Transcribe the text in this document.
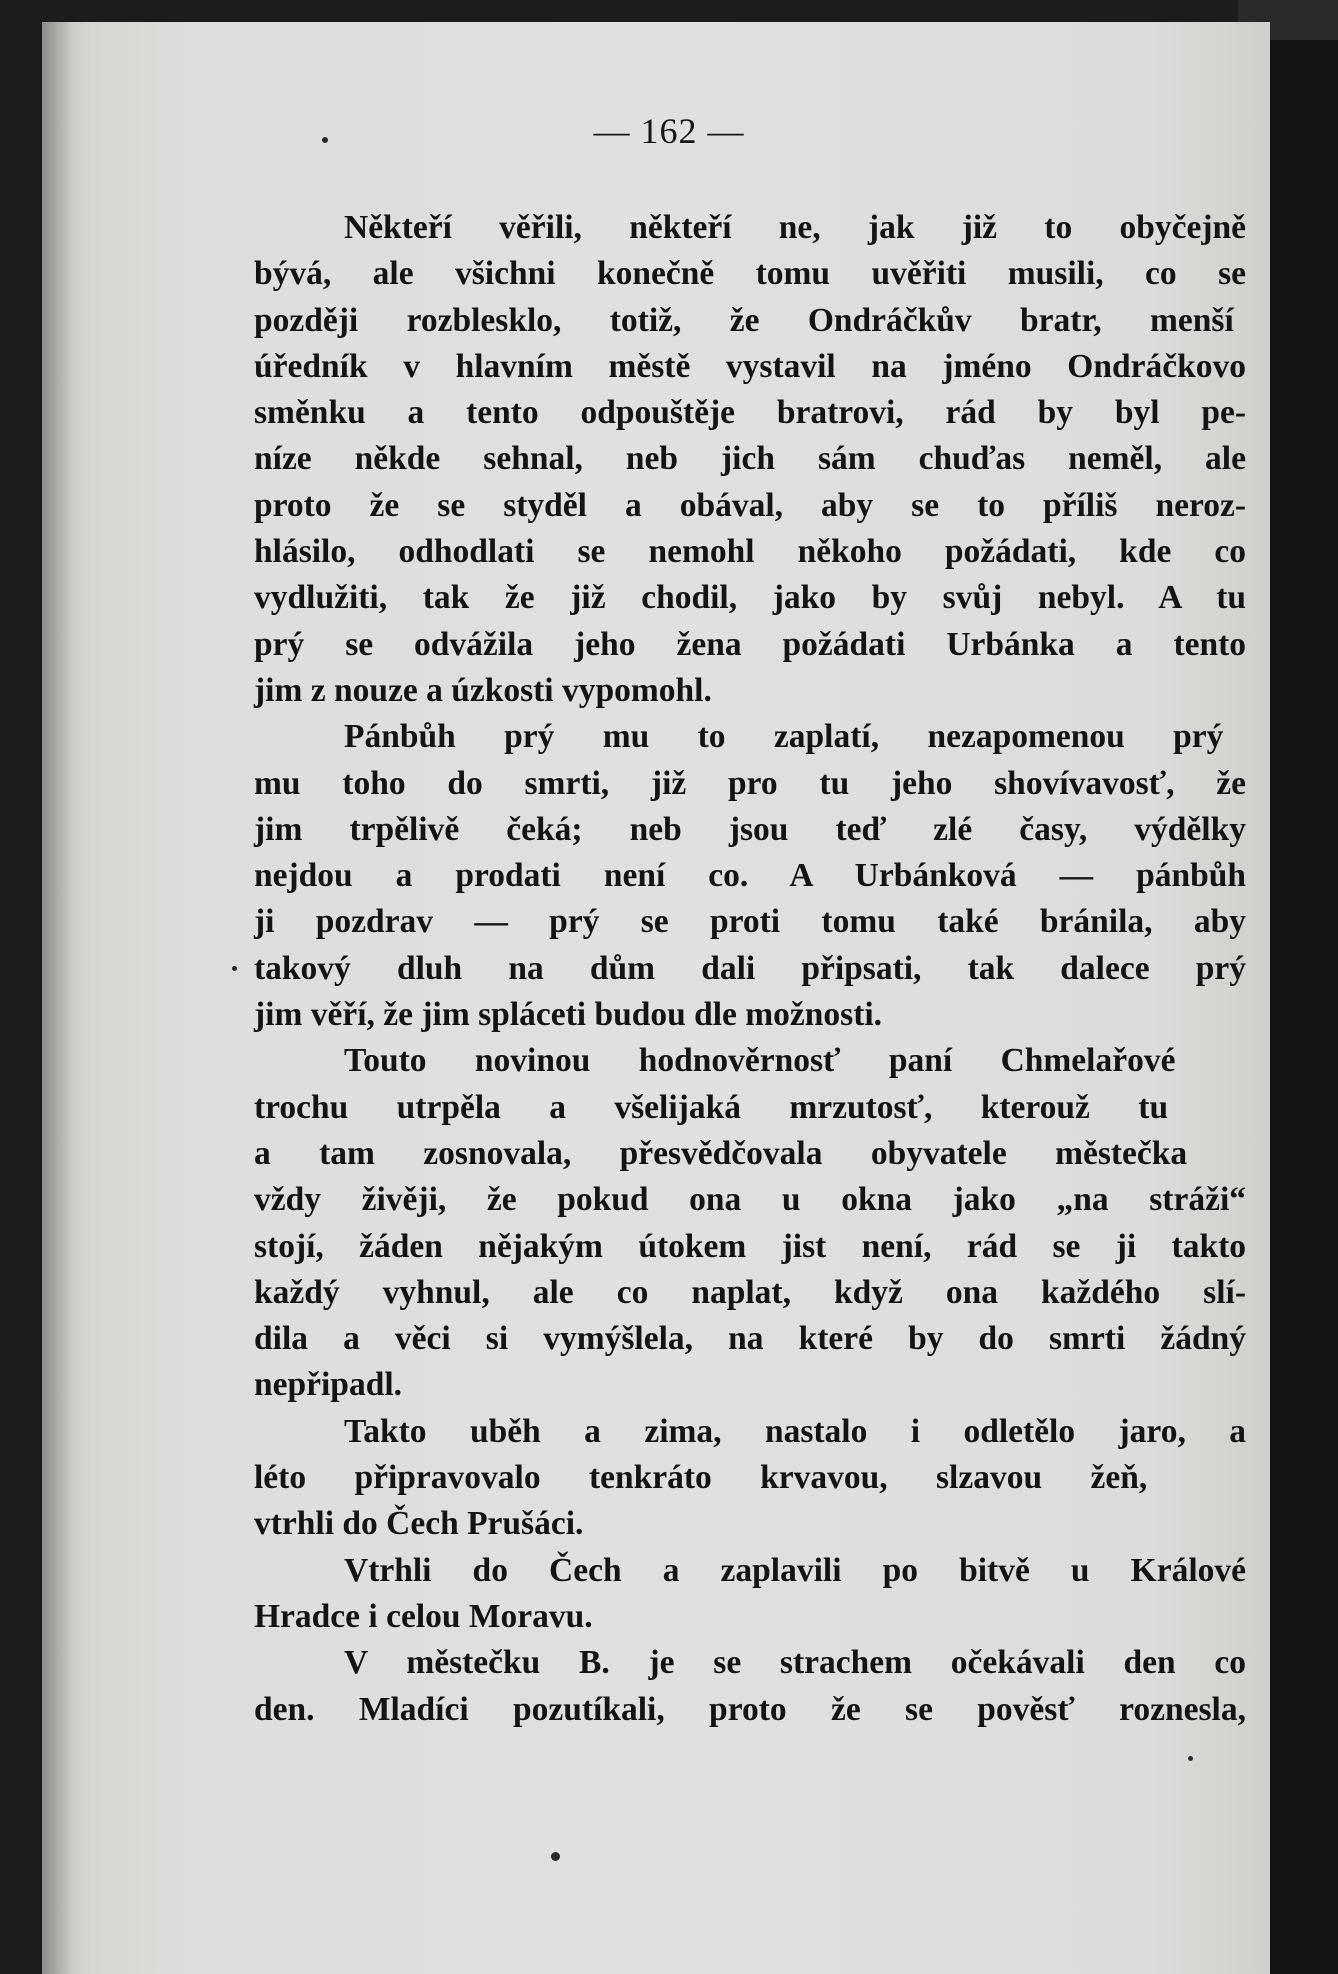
— 162 —
Někteří věřili, někteří ne, jak již to obyčejně
bývá, ale všichni konečně tomu uvěřiti musili, co se
později rozblesklo, totiž, že Ondráčkův bratr, menší
úředník v hlavním městě vystavil na jméno Ondráčkovo
směnku a tento odpouštěje bratrovi, rád by byl pe-
níze někde sehnal, neb jich sám chuďas neměl, ale
proto že se styděl a obával, aby se to příliš neroz-
hlásilo, odhodlati se nemohl někoho požádati, kde co
vydlužiti, tak že již chodil, jako by svůj nebyl. A tu
prý se odvážila jeho žena požádati Urbánka a tento
jim z nouze a úzkosti vypomohl.
Pánbůh prý mu to zaplatí, nezapomenou prý
mu toho do smrti, již pro tu jeho shovívavosť, že
jim trpělivě čeká; neb jsou teď zlé časy, výdělky
nejdou a prodati není co. A Urbánková — pánbůh
ji pozdrav — prý se proti tomu také bránila, aby
takový dluh na dům dali připsati, tak dalece prý
jim věří, že jim spláceti budou dle možnosti.
Touto novinou hodnověrnosť paní Chmelařové
trochu utrpěla a všelijaká mrzutosť, kterouž tu
a tam zosnovala, přesvědčovala obyvatele městečka
vždy živěji, že pokud ona u okna jako „na stráži“
stojí, žáden nějakým útokem jist není, rád se ji takto
každý vyhnul, ale co naplat, když ona každého slí-
dila a věci si vymýšlela, na které by do smrti žádný
nepřipadl.
Takto uběh a zima, nastalo i odletělo jaro, a
léto připravovalo tenkráto krvavou, slzavou žeň,
vtrhli do Čech Prušáci.
Vtrhli do Čech a zaplavili po bitvě u Králové
Hradce i celou Moravu.
V městečku B. je se strachem očekávali den co
den. Mladíci pozutíkali, proto že se pověsť roznesla,
